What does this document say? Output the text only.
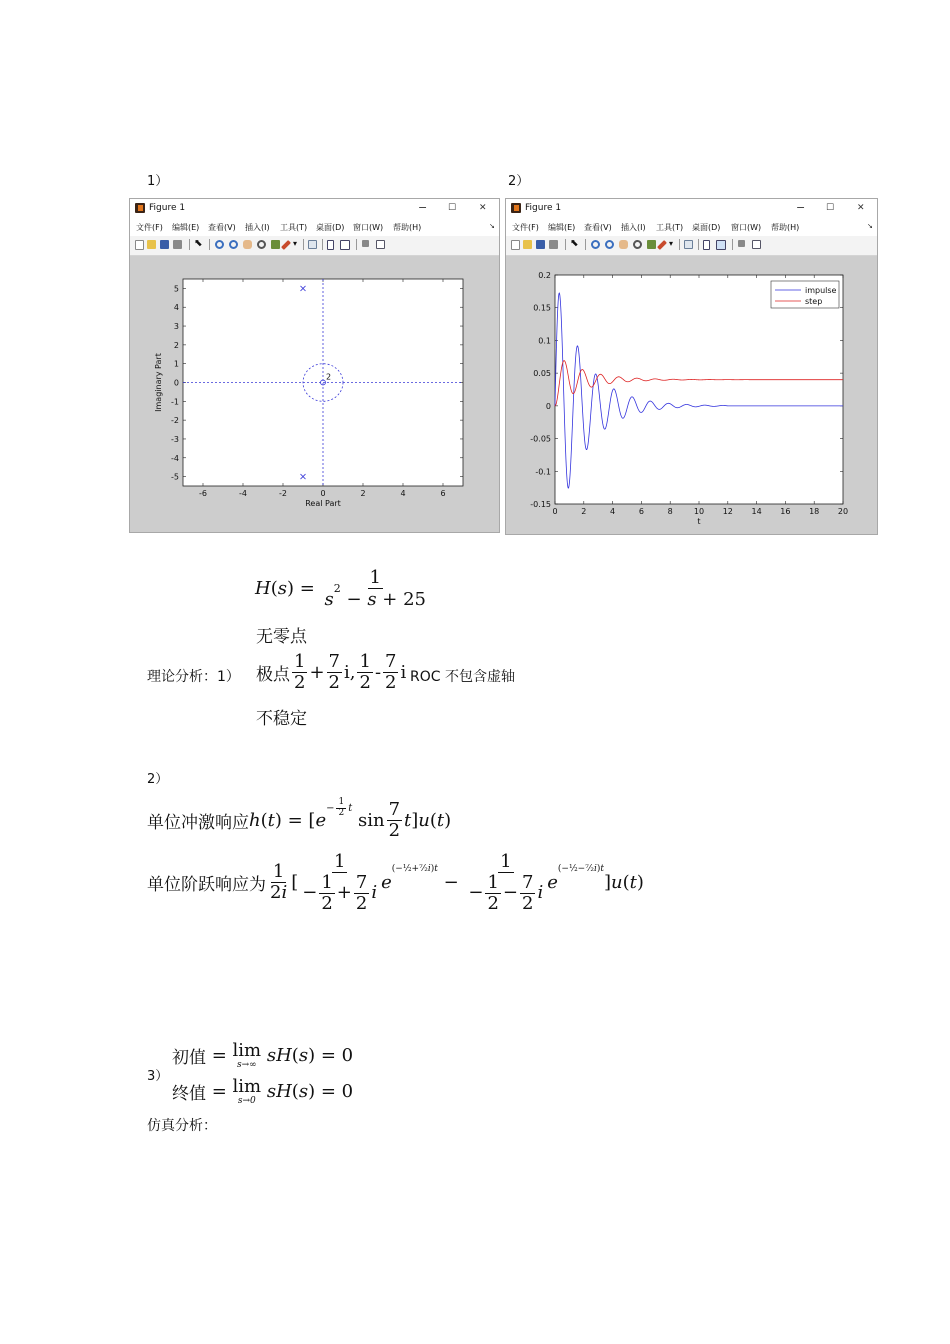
1）	2）
Figure 1	− ☐	✕
文件(F) 编辑(E) 查看(V) 插入(I) 工具(T) 桌面(D) 窗口(W) 帮助(H)	↘
⬉	▾
-6	-4	-2	0	2	4	6
-5
-4
-3
-2
-1
0
1
2
3
4
5
2
Real Part
Imaginary Part
Figure 1	− ☐	✕
文件(F) 编辑(E) 查看(V) 插入(I) 工具(T) 桌面(D) 窗口(W) 帮助(H)	↘
⬉	▾
0	2	4	6	8	10 12 14 16 18 20
-0.15
-0.1
-0.05
0
0.05
0.1
0.15
0.2
impulse
step
t
H ( s ) = $\frac{1}{s^2 - s + 25}$
无零点
理论分析：1） 极点 $\frac{1}{2} + \frac{7}{2} i$, $\frac{1}{2} - \frac{7}{2}$ i ROC 不包含虚轴
不稳定
2）
单位冲激响应 h ( t ) = [ e
− $\frac{1}{2}$ t
$\sin \frac{7}{2}$ t ] u ( t )
单位阶跃响应为 $\frac{1}{2i}$ [ $\frac{1}{- \frac{1}{2} + \frac{7}{2} i}$ e
(−½+⁷⁄₂i)t
− $\frac{1}{- \frac{1}{2} - \frac{7}{2} i}$ e
(−½−⁷⁄₂i)t
] u ( t )
3）
初值 = lim
s→∞
sH ( s ) = 0
终值 = lim
s→0
sH ( s ) = 0
仿真分析：
